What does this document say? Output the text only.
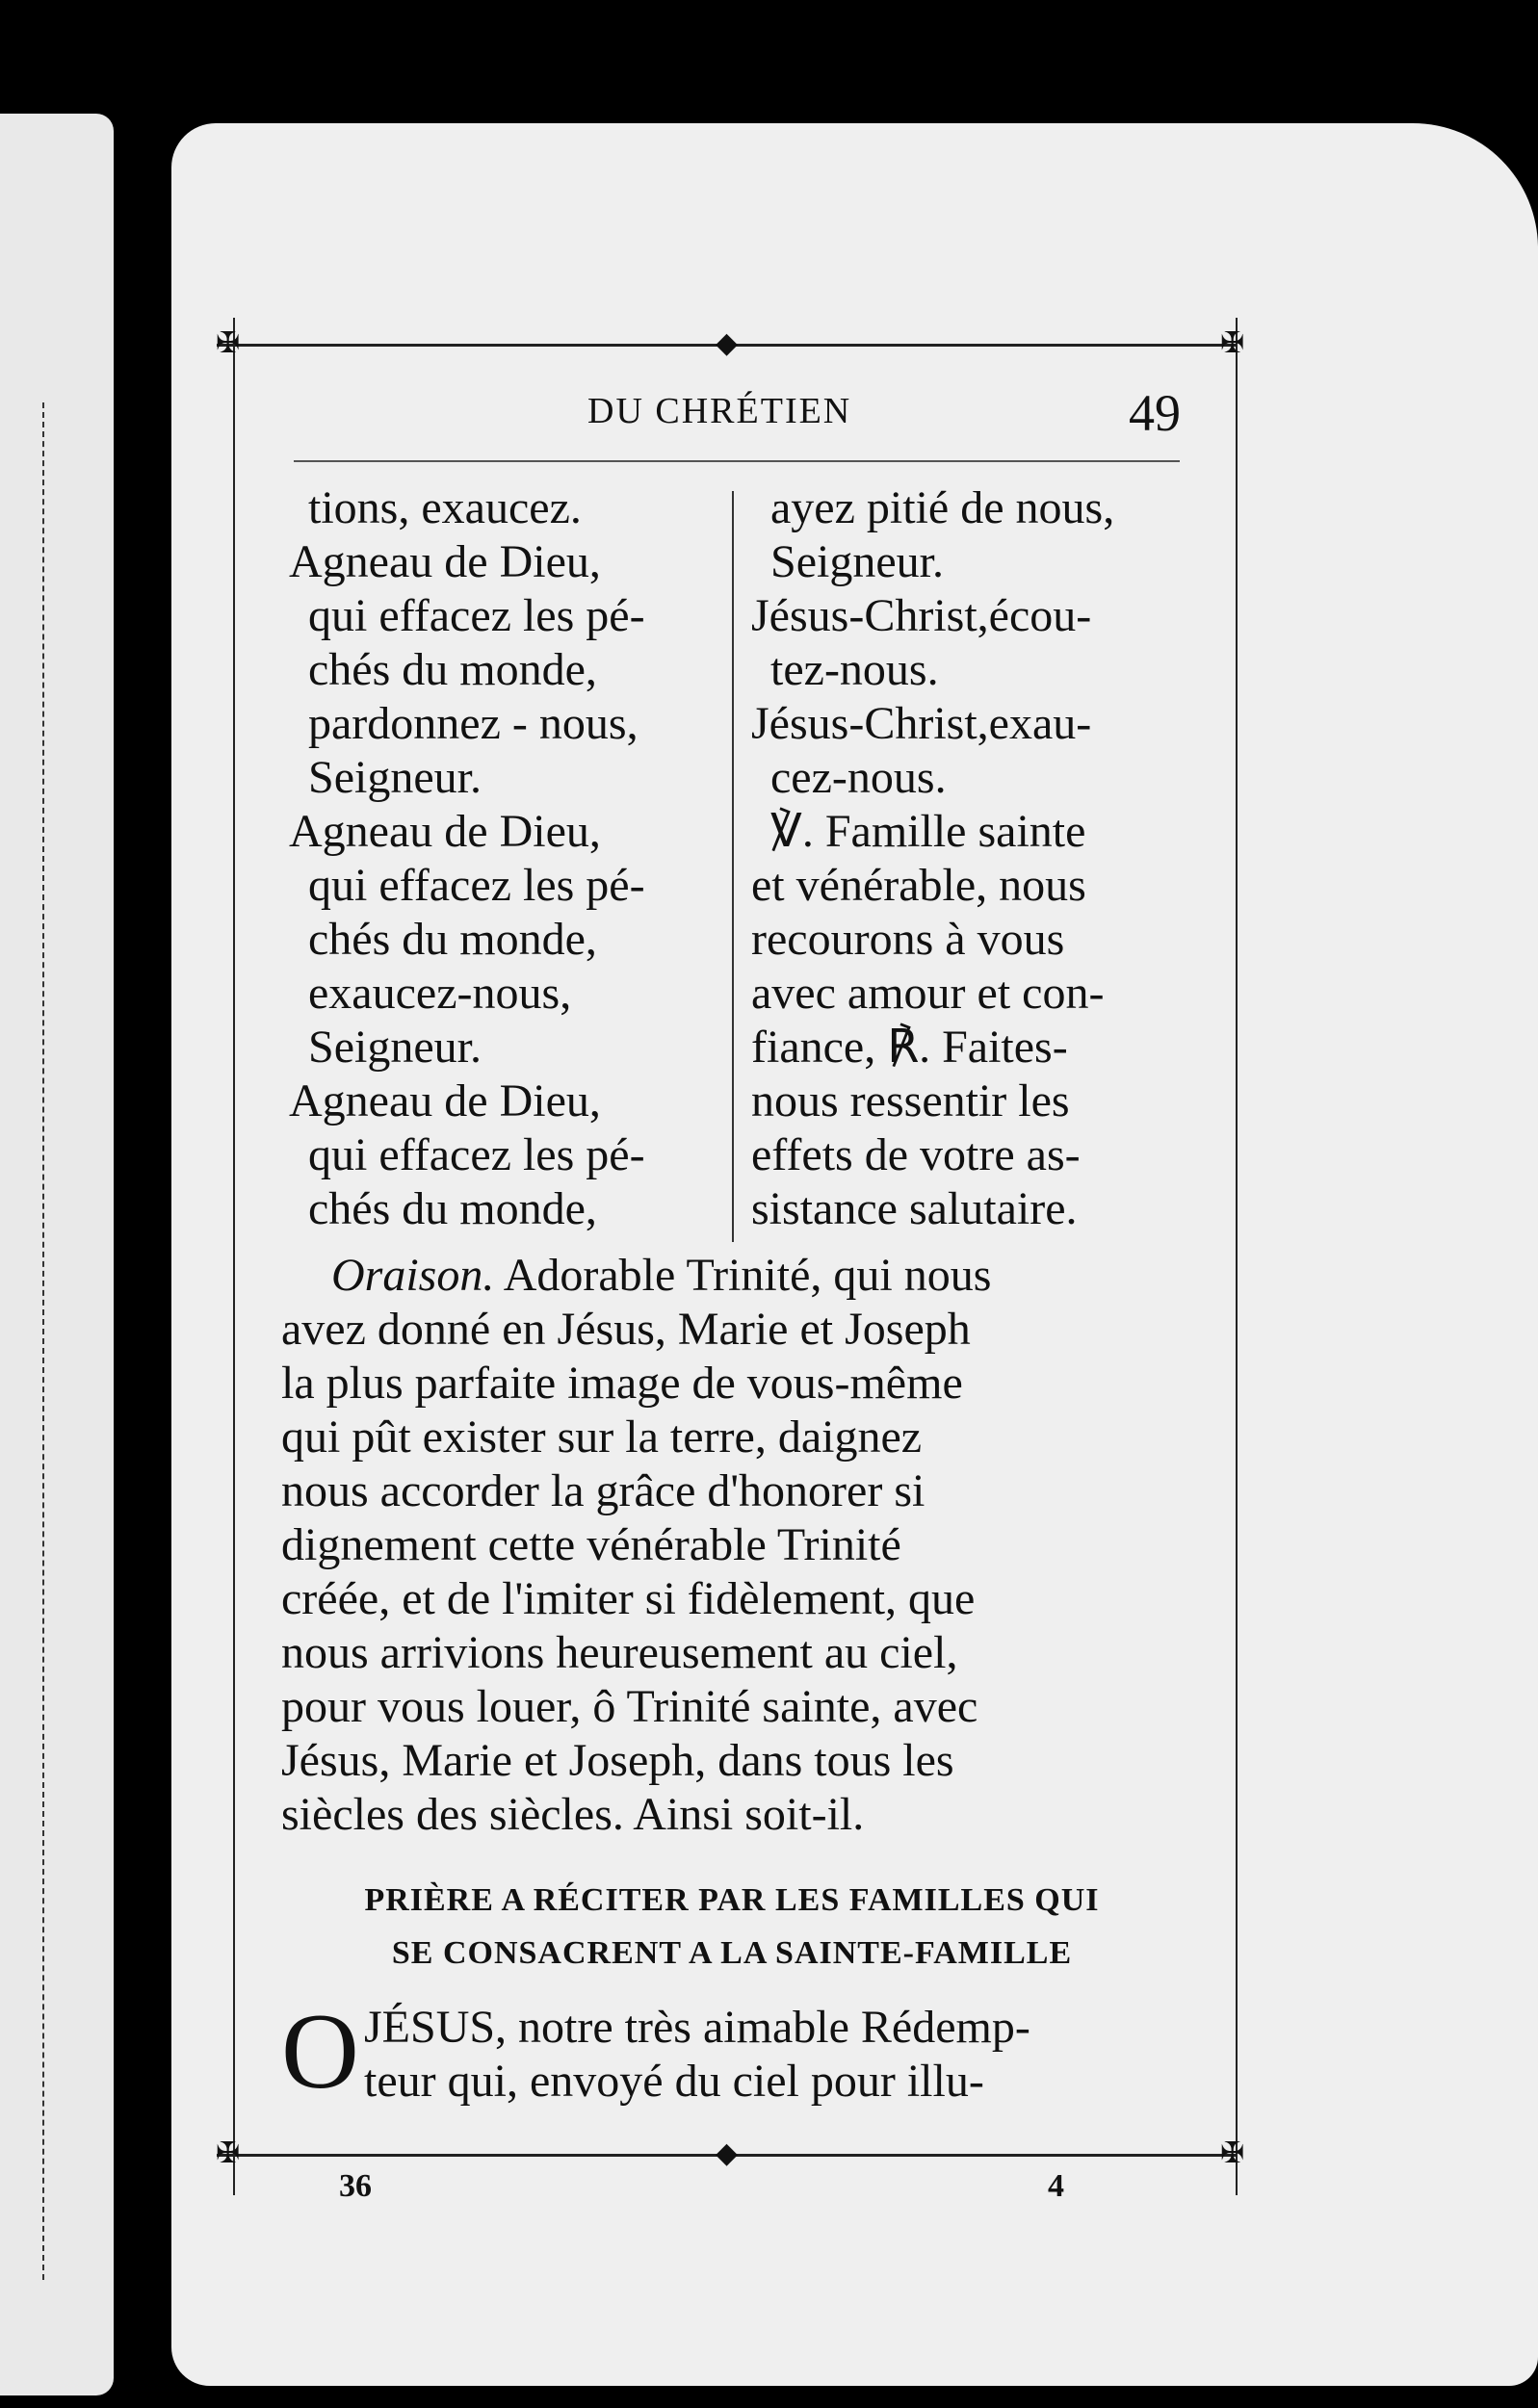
✠	◆	✠
✠	◆	✠
DU CHRÉTIEN	49
tions, exaucez.
Agneau de Dieu,
qui effacez les pé-
chés du monde,
pardonnez - nous,
Seigneur.
Agneau de Dieu,
qui effacez les pé-
chés du monde,
exaucez-nous,
Seigneur.
Agneau de Dieu,
qui effacez les pé-
chés du monde,
ayez pitié de nous,
Seigneur.
Jésus-Christ,écou-
tez-nous.
Jésus-Christ,exau-
cez-nous.
℣. Famille sainte
et vénérable, nous
recourons à vous
avec amour et con-
fiance, ℟. Faites-
nous ressentir les
effets de votre as-
sistance salutaire.
Oraison. Adorable Trinité, qui nous
avez donné en Jésus, Marie et Joseph
la plus parfaite image de vous-même
qui pût exister sur la terre, daignez
nous accorder la grâce d'honorer si
dignement cette vénérable Trinité
créée, et de l'imiter si fidèlement, que
nous arrivions heureusement au ciel,
pour vous louer, ô Trinité sainte, avec
Jésus, Marie et Joseph, dans tous les
siècles des siècles. Ainsi soit-il.
PRIÈRE A RÉCITER PAR LES FAMILLES QUI
SE CONSACRENT A LA SAINTE-FAMILLE
O JÉSUS, notre très aimable Rédemp-
teur qui, envoyé du ciel pour illu-
36	4
